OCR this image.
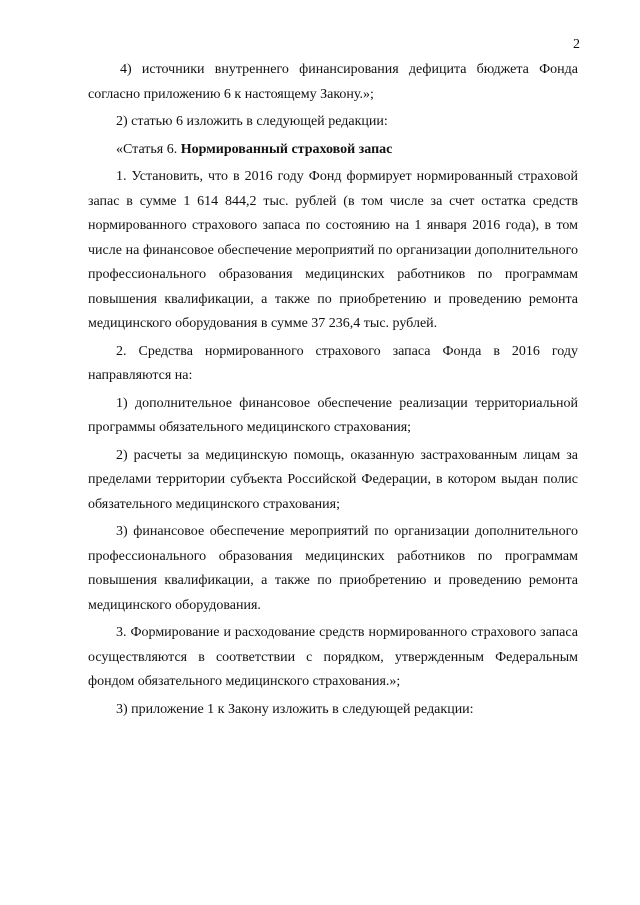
2

4) источники внутреннего финансирования дефицита бюджета Фонда согласно приложению 6 к настоящему Закону.»;

2) статью 6 изложить в следующей редакции:

«Статья 6. Нормированный страховой запас

1. Установить, что в 2016 году Фонд формирует нормированный страховой запас в сумме 1 614 844,2 тыс. рублей (в том числе за счет остатка средств нормированного страхового запаса по состоянию на 1 января 2016 года), в том числе на финансовое обеспечение мероприятий по организации дополнительного профессионального образования медицинских работников по программам повышения квалификации, а также по приобретению и проведению ремонта медицинского оборудования в сумме 37 236,4 тыс. рублей.

2. Средства нормированного страхового запаса Фонда в 2016 году направляются на:

1) дополнительное финансовое обеспечение реализации территориальной программы обязательного медицинского страхования;

2) расчеты за медицинскую помощь, оказанную застрахованным лицам за пределами территории субъекта Российской Федерации, в котором выдан полис обязательного медицинского страхования;

3) финансовое обеспечение мероприятий по организации дополнительного профессионального образования медицинских работников по программам повышения квалификации, а также по приобретению и проведению ремонта медицинского оборудования.

3. Формирование и расходование средств нормированного страхового запаса осуществляются в соответствии с порядком, утвержденным Федеральным фондом обязательного медицинского страхования.»;

3) приложение 1 к Закону изложить в следующей редакции:
